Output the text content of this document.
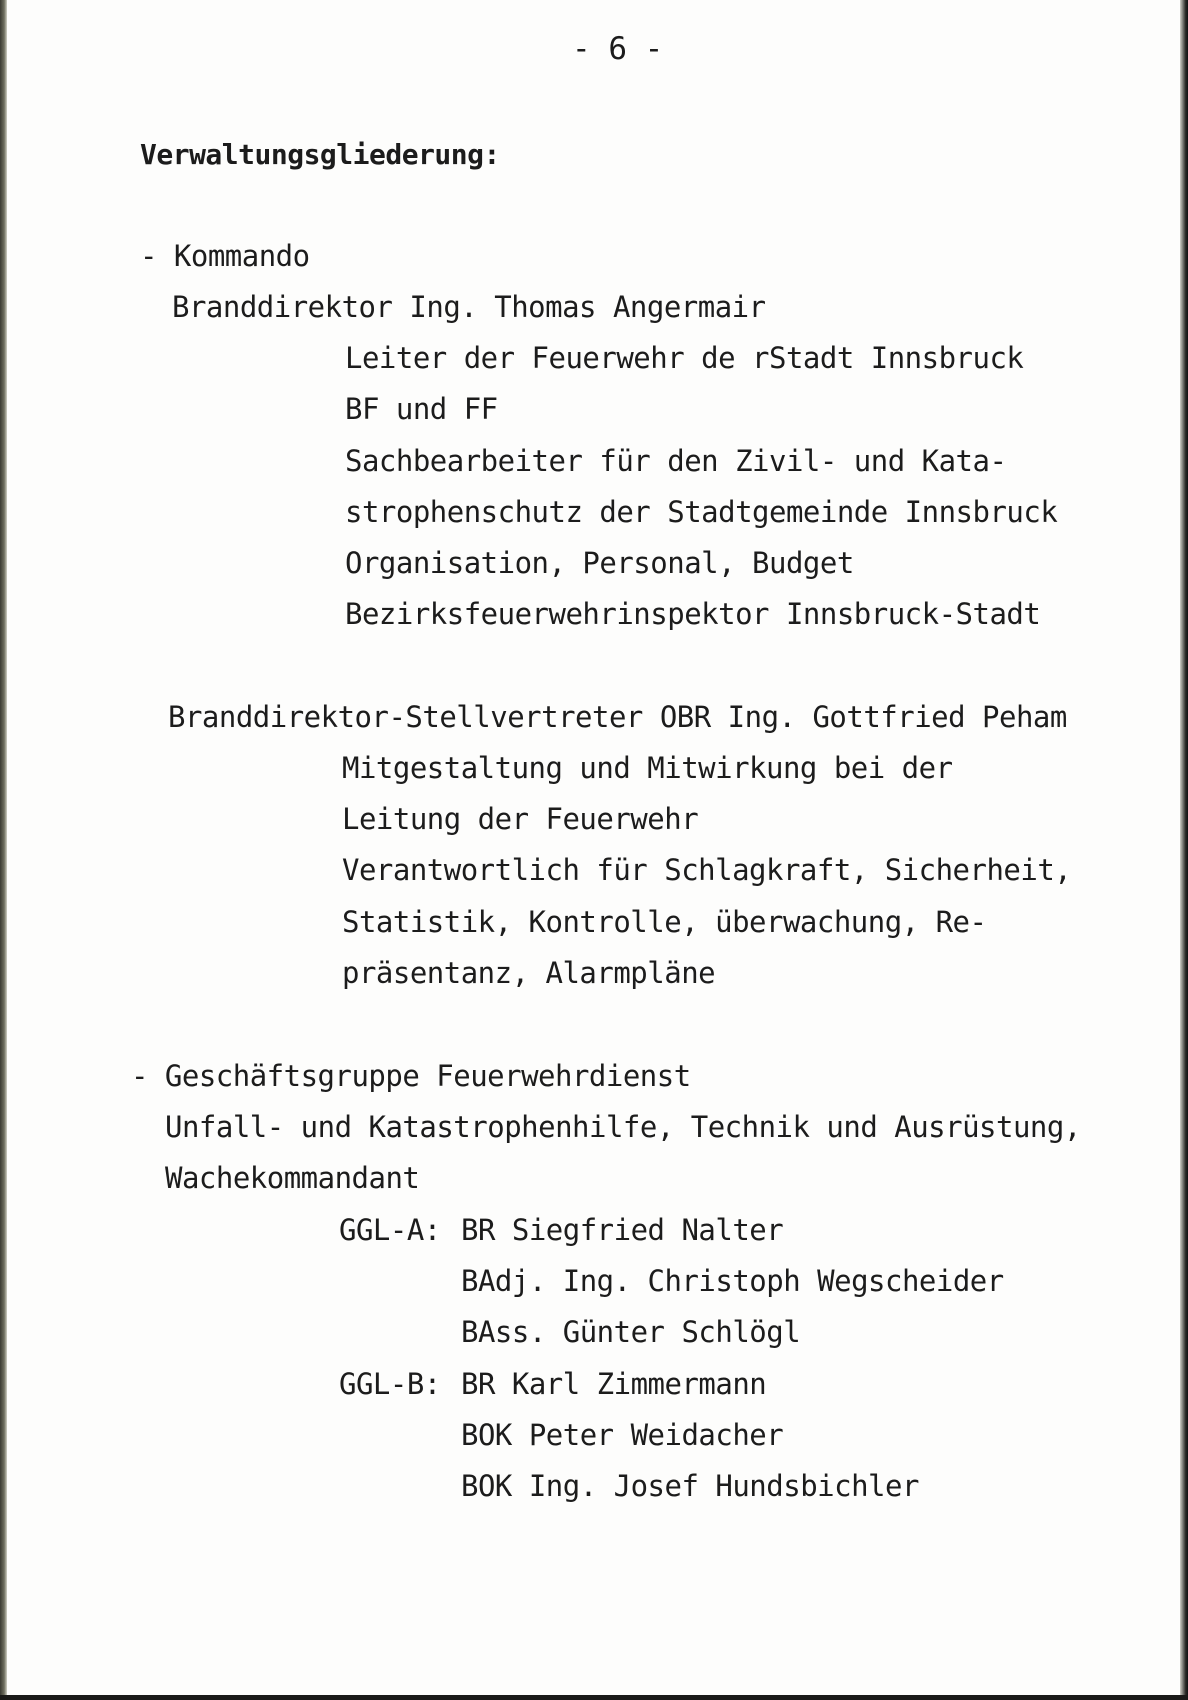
- 6 -
Verwaltungsgliederung:
- Kommando
Branddirektor Ing. Thomas Angermair
Leiter der Feuerwehr de rStadt Innsbruck
BF und FF
Sachbearbeiter für den Zivil- und Kata-
strophenschutz der Stadtgemeinde Innsbruck
Organisation, Personal, Budget
Bezirksfeuerwehrinspektor Innsbruck-Stadt
Branddirektor-Stellvertreter OBR Ing. Gottfried Peham
Mitgestaltung und Mitwirkung bei der
Leitung der Feuerwehr
Verantwortlich für Schlagkraft, Sicherheit,
Statistik, Kontrolle, überwachung, Re-
präsentanz, Alarmpläne
- Geschäftsgruppe Feuerwehrdienst
Unfall- und Katastrophenhilfe, Technik und Ausrüstung,
Wachekommandant
GGL-A: BR Siegfried Nalter
BAdj. Ing. Christoph Wegscheider
BAss. Günter Schlögl
GGL-B: BR Karl Zimmermann
BOK Peter Weidacher
BOK Ing. Josef Hundsbichler
